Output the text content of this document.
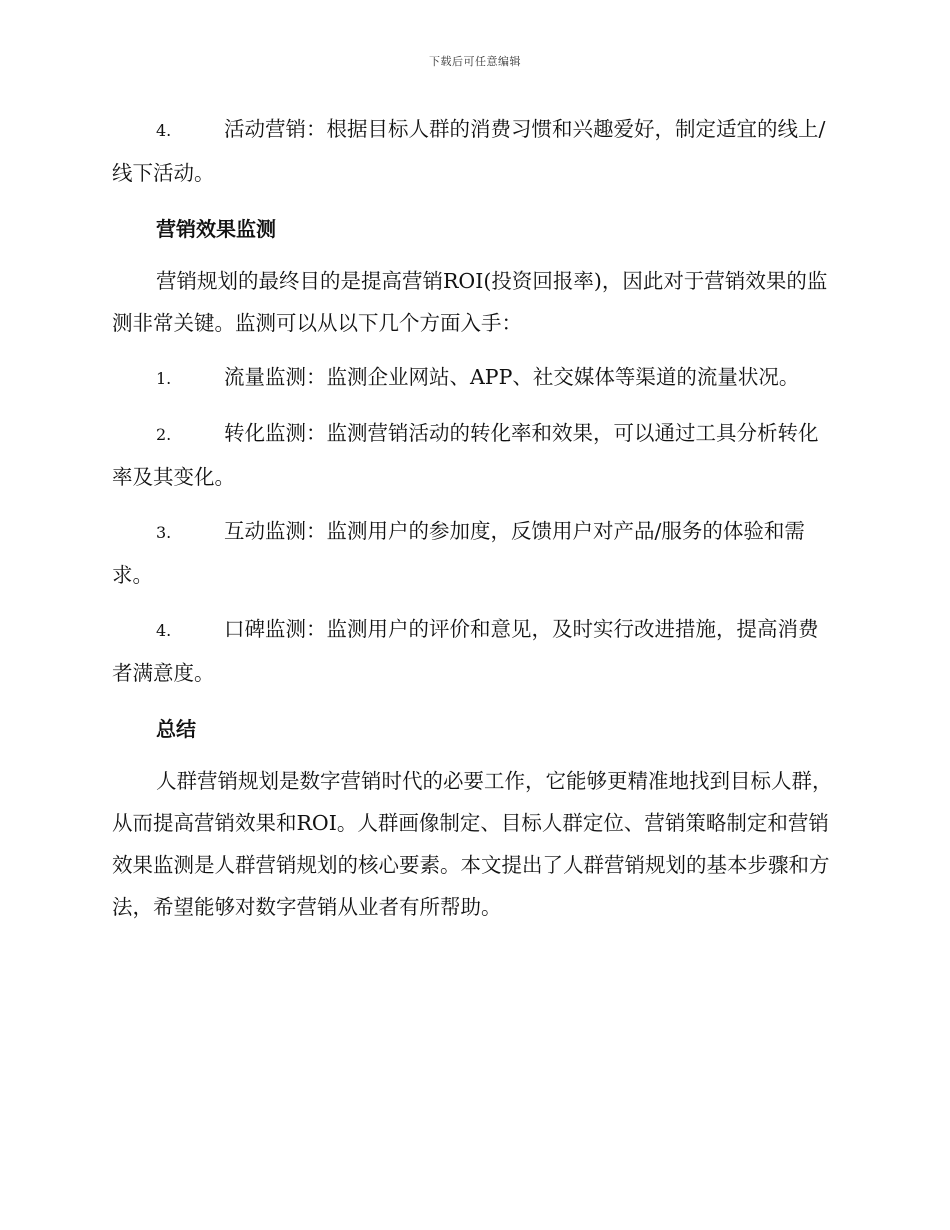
下载后可任意编辑

4.	活动营销：根据目标人群的消费习惯和兴趣爱好，制定适宜的线上/线下活动。

营销效果监测

营销规划的最终目的是提高营销ROI(投资回报率)，因此对于营销效果的监测非常关键。监测可以从以下几个方面入手：

1.	流量监测：监测企业网站、APP、社交媒体等渠道的流量状况。

2.	转化监测：监测营销活动的转化率和效果，可以通过工具分析转化率及其变化。

3.	互动监测：监测用户的参加度，反馈用户对产品/服务的体验和需求。

4.	口碑监测：监测用户的评价和意见，及时实行改进措施，提高消费者满意度。

总结

人群营销规划是数字营销时代的必要工作，它能够更精准地找到目标人群，从而提高营销效果和ROI。人群画像制定、目标人群定位、营销策略制定和营销效果监测是人群营销规划的核心要素。本文提出了人群营销规划的基本步骤和方法，希望能够对数字营销从业者有所帮助。
